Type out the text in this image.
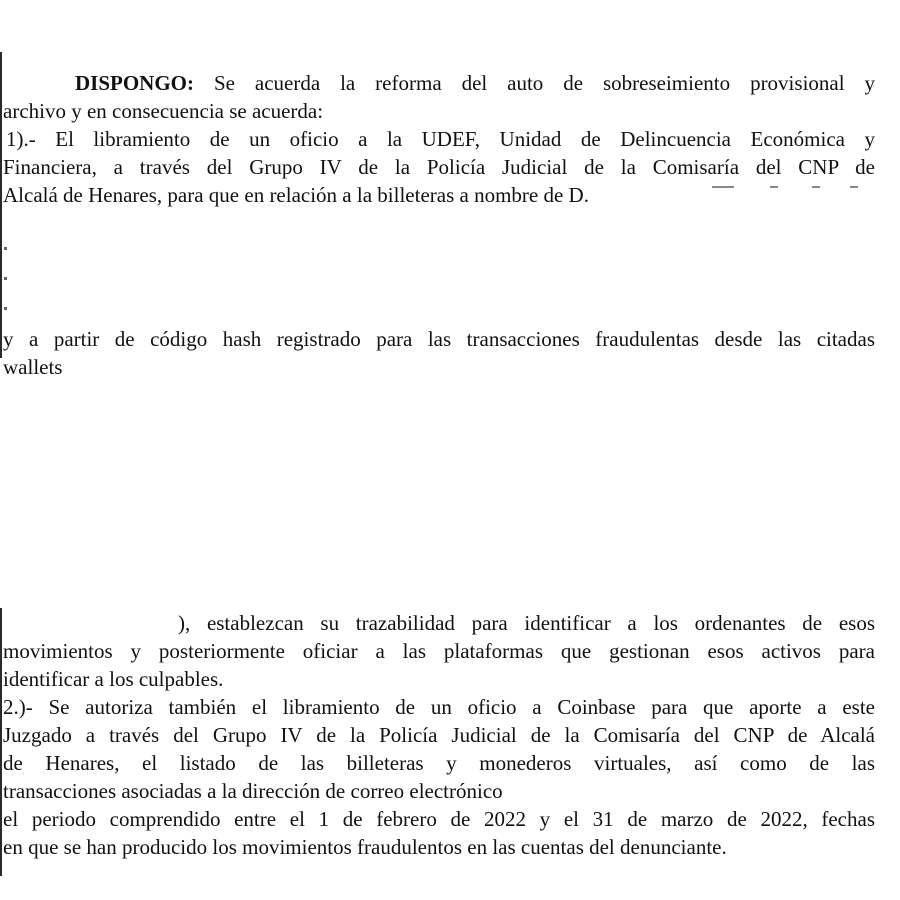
DISPONGO: Se acuerda la reforma del auto de sobreseimiento provisional y
archivo y en consecuencia se acuerda:
1).- El libramiento de un oficio a la UDEF, Unidad de Delincuencia Económica y
Financiera, a través del Grupo IV de la Policía Judicial de la Comisaría del CNP de
Alcalá de Henares, para que en relación a la billeteras a nombre de D.
y a partir de código hash registrado para las transacciones fraudulentas desde las citadas
wallets
), establezcan su trazabilidad para identificar a los ordenantes de esos
movimientos y posteriormente oficiar a las plataformas que gestionan esos activos para
identificar a los culpables.
2.)- Se autoriza también el libramiento de un oficio a Coinbase para que aporte a este
Juzgado a través del Grupo IV de la Policía Judicial de la Comisaría del CNP de Alcalá
de Henares, el listado de las billeteras y monederos virtuales, así como de las
transacciones asociadas a la dirección de correo electrónico
el periodo comprendido entre el 1 de febrero de 2022 y el 31 de marzo de 2022, fechas
en que se han producido los movimientos fraudulentos en las cuentas del denunciante.
